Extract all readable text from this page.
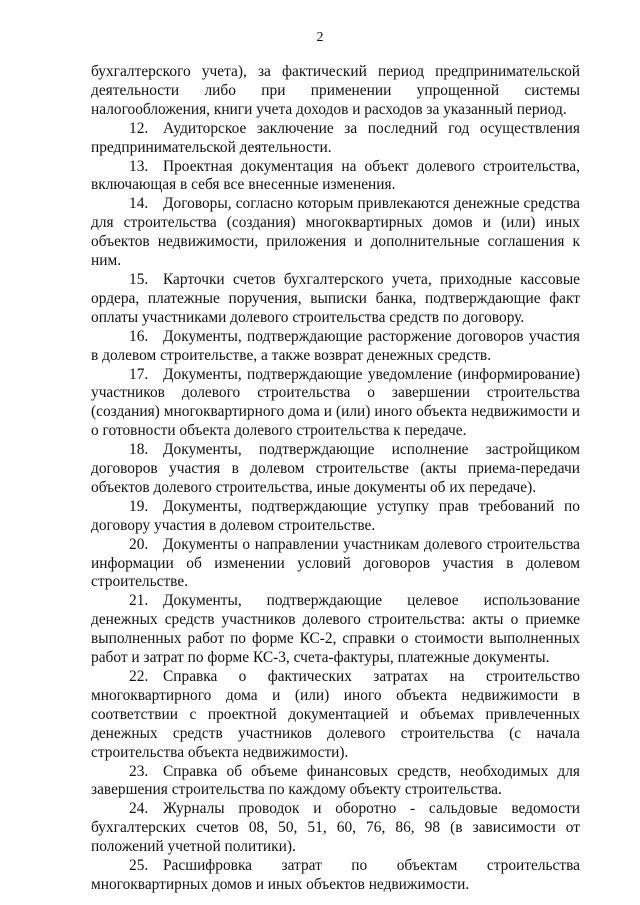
2

бухгалтерского учета), за фактический период предпринимательской деятельности либо при применении упрощенной системы налогообложения, книги учета доходов и расходов за указанный период.

12. Аудиторское заключение за последний год осуществления предпринимательской деятельности.

13. Проектная документация на объект долевого строительства, включающая в себя все внесенные изменения.

14. Договоры, согласно которым привлекаются денежные средства для строительства (создания) многоквартирных домов и (или) иных объектов недвижимости, приложения и дополнительные соглашения к ним.

15. Карточки счетов бухгалтерского учета, приходные кассовые ордера, платежные поручения, выписки банка, подтверждающие факт оплаты участниками долевого строительства средств по договору.

16. Документы, подтверждающие расторжение договоров участия в долевом строительстве, а также возврат денежных средств.

17. Документы, подтверждающие уведомление (информирование) участников долевого строительства о завершении строительства (создания) многоквартирного дома и (или) иного объекта недвижимости и о готовности объекта долевого строительства к передаче.

18. Документы, подтверждающие исполнение застройщиком договоров участия в долевом строительстве (акты приема-передачи объектов долевого строительства, иные документы об их передаче).

19. Документы, подтверждающие уступку прав требований по договору участия в долевом строительстве.

20. Документы о направлении участникам долевого строительства информации об изменении условий договоров участия в долевом строительстве.

21. Документы, подтверждающие целевое использование денежных средств участников долевого строительства: акты о приемке выполненных работ по форме КС-2, справки о стоимости выполненных работ и затрат по форме КС-3, счета-фактуры, платежные документы.

22. Справка о фактических затратах на строительство многоквартирного дома и (или) иного объекта недвижимости в соответствии с проектной документацией и объемах привлеченных денежных средств участников долевого строительства (с начала строительства объекта недвижимости).

23. Справка об объеме финансовых средств, необходимых для завершения строительства по каждому объекту строительства.

24. Журналы проводок и оборотно - сальдовые ведомости бухгалтерских счетов 08, 50, 51, 60, 76, 86, 98 (в зависимости от положений учетной политики).

25. Расшифровка затрат по объектам строительства многоквартирных домов и иных объектов недвижимости.
